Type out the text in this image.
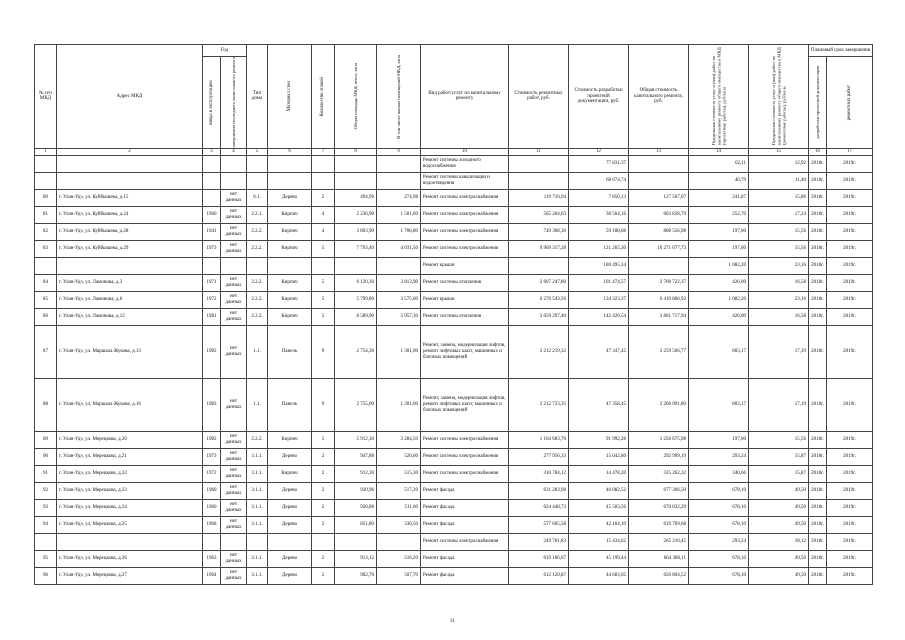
№ п/п МКД	Адрес МКД	Год		Тип дома	Материал стен	Количество этажей	Общая площадь МКД, всего, кв.м	В том числе жилых помещений МКД, кв.м	Вид работ/услуг по капитальному ремонту	Стоимость ремонтных работ, руб.	Стоимость разработки проектной документации, руб.	Общая стоимость капитального ремонта, руб.	Предельная стоимость услуг и (или) работ по капитальному ремонту общего имущества в МКД (проектные работы), руб/кв.м	Предельная стоимость услуг и (или) работ по капитальному ремонту общего имущества в МКД (ремонтные работы), руб/кв.м	Плановый срок завершения	

		ввода в эксплуатацию	завершения последнего капитального ремонта												разработки проектной документации	ремонтных работ

1	2	3	4	5	6	7	8	9	10	11	12	13	14	15	16	17
									Ремонт системы холодного водоснабжения		77 831,37		62,11	12,92	2018г.	2019г.
									Ремонт системы канализации и водоотведения		68 674,74		40,79	11,40	2018г.	2019г.
80	г. Улан-Удэ, ул. Куйбышева, д.15		нет данных	6.1.	Дерево	2	494,96	274,98	Ремонт системы электроснабжения	119 716,94	7 850,13	127 567,07	241,87	15,86	2018г.	2019г.
81	г. Улан-Удэ, ул. Куйбышева, д.24	1960	нет данных	2.2.1.	Кирпич	4	2 236,90	1 501,60	Ремонт системы электроснабжения	565 264,63	38 564,16	603 828,79	252,70	17,24	2018г.	2019г.
82	г. Улан-Удэ, ул. Куйбышева, д.28	1941	нет данных	2.2.2.	Кирпич	4	3 803,90	1 706,80	Ремонт системы электроснабжения	749 368,30	59 188,68	808 556,98	197,00	15,56	2018г.	2019г.
83	г. Улан-Удэ, ул. Куйбышева, д.29	1973	нет данных	2.2.2.	Кирпич	5	7 793,40	4 031,50	Ремонт системы электроснабжения	9 969 317,28	121 265,30	10 271 077,73	197,00	15,56	2018г.	2019г.
									Ремонт крыши		180 495,14		1 082,20	23,16	2018г.	2019г.
84	г. Улан-Удэ, ул. Ламонова, д.3	1971	нет данных	2.2.2.	Кирпич	5	6 120,30	3 813,90	Ремонт системы отопления	2 607 247,80	101 474,57	2 708 722,37	426,00	16,58	2018г.	2019г.
85	г. Улан-Удэ, ул. Ламонова, д.6	1972	нет данных	2.2.2.	Кирпич	5	5 799,80	3 575,00	Ремонт крыши	6 276 543,56	134 323,37	6 410 866,93	1 082,20	23,16	2018г.	2019г.
86	г. Улан-Удэ, ул. Ламонова, д.12	1981	нет данных	2.2.2.	Кирпич	5	8 589,90	5 957,30	Ремонт системы отопления	3 659 297,40	142 420,54	3 801 717,94	426,00	16,58	2018г.	2019г.
87	г. Улан-Удэ, ул. Маршала Жукова, д.13	1982	нет данных	1.1.	Панель	9	2 754,36	1 301,00	Ремонт, замена, модернизация лифтов, ремонт лифтовых шахт, машинных и блочных помещений	2 212 219,32	47 347,45	2 259 566,77	803,17	17,19	2018г.	2019г.
88	г. Улан-Удэ, ул. Маршала Жукова, д.16	1983	нет данных	1.1.	Панель	9	2 755,00	1 301,00	Ремонт, замена, модернизация лифтов, ремонт лифтовых шахт, машинных и блочных помещений	2 212 733,35	47 358,45	2 260 091,80	803,17	17,19	2018г.	2019г.
89	г. Улан-Удэ, ул. Мерецкова, д.20	1982	нет данных	2.2.2.	Кирпич	5	5 912,10	3 284,50	Ремонт системы электроснабжения	1 164 683,70	91 992,28	1 256 675,98	197,00	15,56	2018г.	2019г.
90	г. Улан-Удэ, ул. Мерецкова, д.21	1973	нет данных	3.1.1.	Дерево	2	947,88	526,60	Ремонт системы электроснабжения	277 956,33	15 042,86	292 999,19	293,24	15,87	2018г.	2019г.
91	г. Улан-Удэ, ул. Мерецкова, д.22	1972	нет данных	3.1.1.	Кирпич	2	912,30	515,30	Ремонт системы электроснабжения	310 784,12	14 478,20	325 262,32	340,66	15,87	2018г.	2019г.
92	г. Улан-Удэ, ул. Мерецкова, д.23	1960	нет данных	3.1.1.	Дерево	2	930,96	517,20	Ремонт фасада	631 283,98	46 082,52	677 366,50	678,10	49,50	2018г.	2019г.
93	г. Улан-Удэ, ул. Мерецкова, д.24	1960	нет данных	3.1.1.	Дерево	2	920,88	511,60	Ремонт фасада	624 448,73	45 583,56	670 032,29	678,10	49,50	2018г.	2019г.
94	г. Улан-Удэ, ул. Мерецкова, д.25	1968	нет данных	3.1.1.	Дерево	2	851,80	330,50	Ремонт фасада	577 605,58	42 164,10	619 769,68	678,10	49,50	2018г.	2019г.
									Ремонт системы электроснабжения	249 781,83	15 434,62	265 216,45	293,24	18,12	2018г.	2019г.
95	г. Улан-Удэ, ул. Мерецкова, д.26	1963	нет данных	3.1.1.	Дерево	2	913,12	516,20	Ремонт фасада	619 186,67	45 199,44	664 386,11	678,10	49,50	2018г.	2019г.
96	г. Улан-Удэ, ул. Мерецкова, д.27	1964	нет данных	3.1.1.	Дерево	2	902,70	507,70	Ремонт фасада	612 120,87	44 683,65	656 804,52	678,10	49,50	2018г.	2019г.
31
